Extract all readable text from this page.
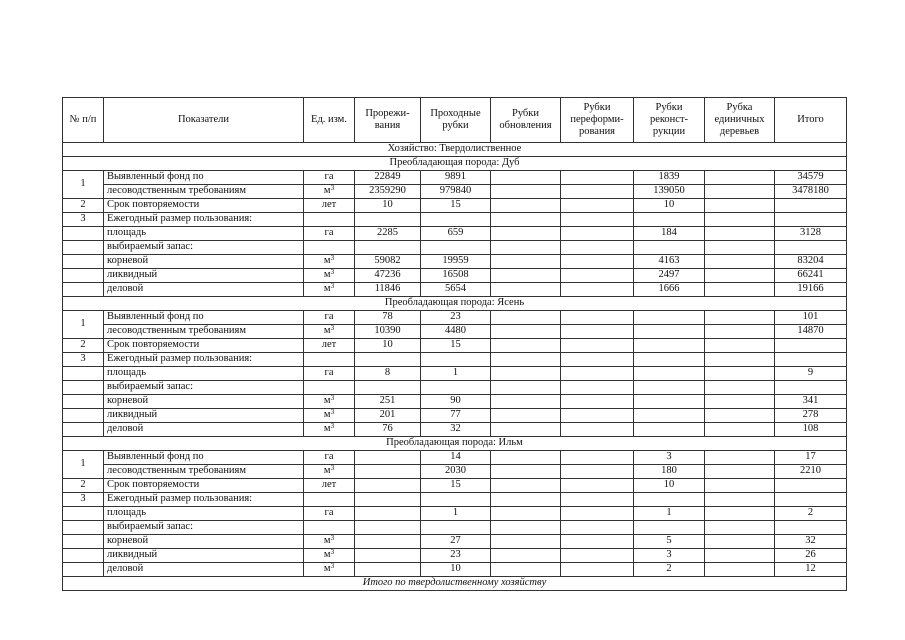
№ п/п	Показатели	Ед. изм.	Прорежи-вания	Проходные рубки	Рубки обновления	Рубки переформи-рования	Рубки реконст-рукции	Рубка единичных деревьев	Итого
Хозяйство: Твердолиственное									
Преобладающая порода: Дуб									
1	Выявленный фонд по	га	22849	9891			1839		34579
	лесоводственным требованиям	$м^3$	2359290	979840			139050		3478180
2	Срок повторяемости	лет	10	15			10		
3	Ежегодный размер пользования:								
	площадь	га	2285	659			184		3128
	выбираемый запас:								
	корневой	$м^3$	59082	19959			4163		83204
	ликвидный	$м^3$	47236	16508			2497		66241
	деловой	$м^3$	11846	5654			1666		19166
Преобладающая порода: Ясень									
1	Выявленный фонд по	га	78	23					101
	лесоводственным требованиям	$м^3$	10390	4480					14870
2	Срок повторяемости	лет	10	15					
3	Ежегодный размер пользования:								
	площадь	га	8	1					9
	выбираемый запас:								
	корневой	$м^3$	251	90					341
	ликвидный	$м^3$	201	77					278
	деловой	$м^3$	76	32					108
Преобладающая порода: Ильм									
1	Выявленный фонд по	га		14			3		17
	лесоводственным требованиям	$м^3$		2030			180		2210
2	Срок повторяемости	лет		15			10		
3	Ежегодный размер пользования:								
	площадь	га		1			1		2
	выбираемый запас:								
	корневой	$м^3$		27			5		32
	ликвидный	$м^3$		23			3		26
	деловой	$м^3$		10			2		12
Итого по твердолиственному хозяйству									
